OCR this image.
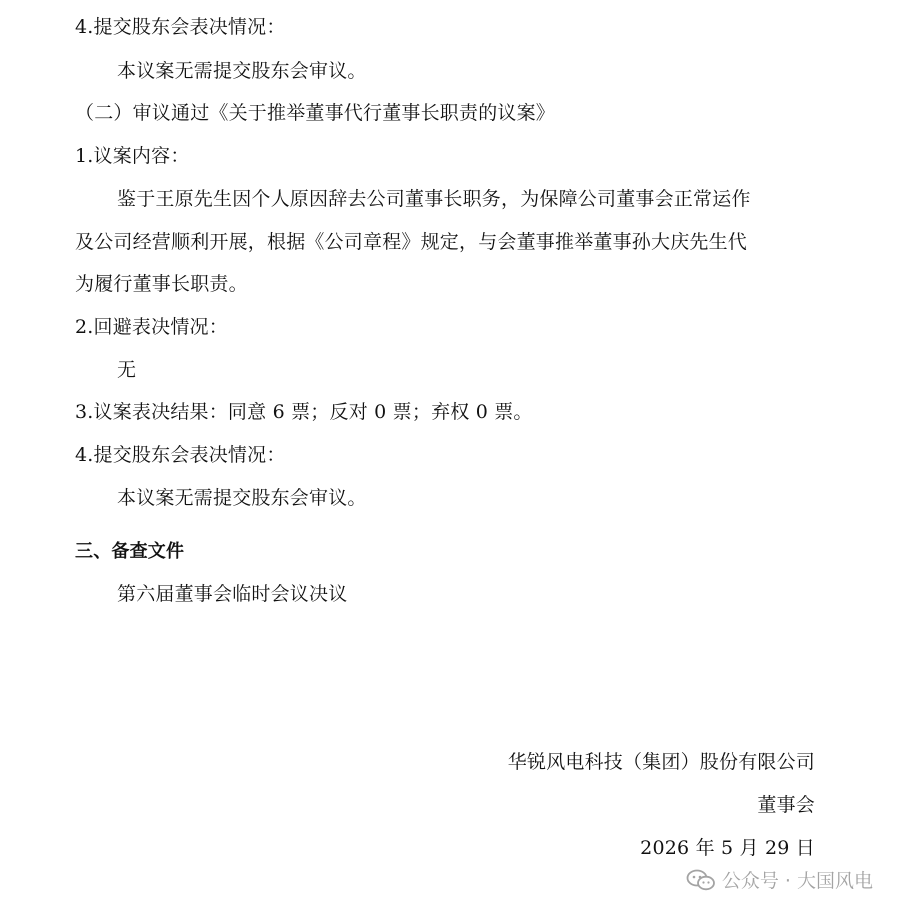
4.提交股东会表决情况：
本议案无需提交股东会审议。
（二）审议通过《关于推举董事代行董事长职责的议案》
1.议案内容：
鉴于王原先生因个人原因辞去公司董事长职务，为保障公司董事会正常运作
及公司经营顺利开展，根据《公司章程》规定，与会董事推举董事孙大庆先生代
为履行董事长职责。
2.回避表决情况：
无
3.议案表决结果：同意 6 票；反对 0 票；弃权 0 票。
4.提交股东会表决情况：
本议案无需提交股东会审议。
三、备查文件
第六届董事会临时会议决议
华锐风电科技（集团）股份有限公司
董事会
2026 年 5 月 29 日
公众号 · 大国风电
